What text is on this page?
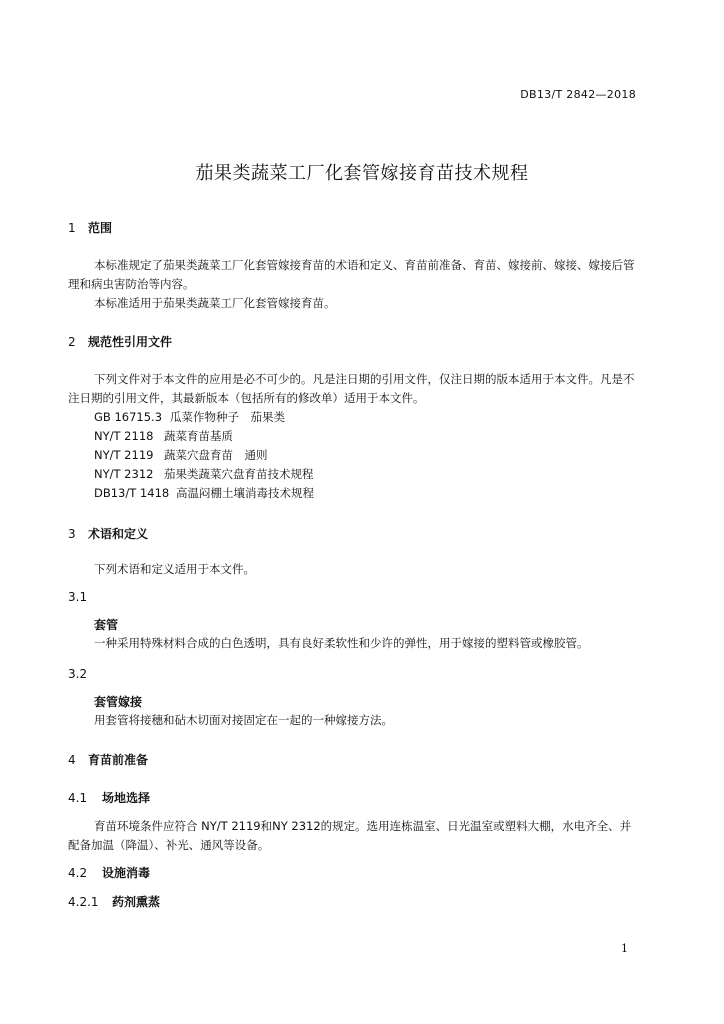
DB13/T 2842—2018
茄果类蔬菜工厂化套管嫁接育苗技术规程
1 范围
本标准规定了茄果类蔬菜工厂化套管嫁接育苗的术语和定义、育苗前准备、育苗、嫁接前、嫁接、嫁接后管理和病虫害防治等内容。
本标准适用于茄果类蔬菜工厂化套管嫁接育苗。
2 规范性引用文件
下列文件对于本文件的应用是必不可少的。凡是注日期的引用文件，仅注日期的版本适用于本文件。凡是不注日期的引用文件，其最新版本（包括所有的修改单）适用于本文件。
GB 16715.3 瓜菜作物种子　茄果类
NY/T 2118 蔬菜育苗基质
NY/T 2119 蔬菜穴盘育苗　通则
NY/T 2312 茄果类蔬菜穴盘育苗技术规程
DB13/T 1418 高温闷棚土壤消毒技术规程
3 术语和定义
下列术语和定义适用于本文件。
3.1
套管
一种采用特殊材料合成的白色透明，具有良好柔软性和少许的弹性，用于嫁接的塑料管或橡胶管。
3.2
套管嫁接
用套管将接穗和砧木切面对接固定在一起的一种嫁接方法。
4 育苗前准备
4.1 场地选择
育苗环境条件应符合 NY/T 2119和NY 2312的规定。选用连栋温室、日光温室或塑料大棚，水电齐全、并配备加温（降温）、补光、通风等设备。
4.2 设施消毒
4.2.1 药剂熏蒸
1
